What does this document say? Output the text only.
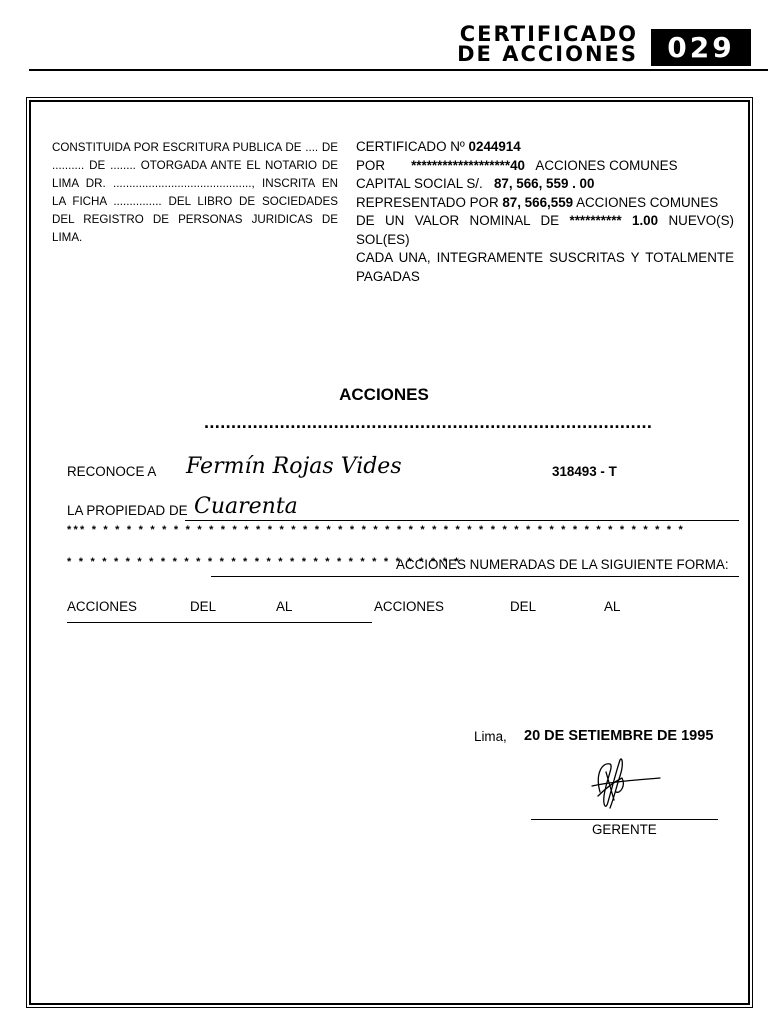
CERTIFICADO
DE ACCIONES	029
CONSTITUIDA POR ESCRITURA PUBLICA DE .... DE .......... DE ........ OTORGADA ANTE EL NOTARIO DE LIMA DR. ..........................................., INSCRITA EN LA FICHA ............... DEL LIBRO DE SOCIEDADES DEL REGISTRO DE PERSONAS JURIDICAS DE LIMA.
CERTIFICADO Nº 0244914
POR *******************40 ACCIONES COMUNES
CAPITAL SOCIAL S/. 87, 566, 559 . 00
REPRESENTADO POR 87, 566,559 ACCIONES COMUNES
DE UN VALOR NOMINAL DE ********** 1.00 NUEVO(S)
SOL(ES)
CADA UNA, INTEGRAMENTE SUSCRITAS Y TOTALMENTE
PAGADAS
ACCIONES
...................................................................................
RECONOCE A Fermín Rojas Vides	318493 - T
LA PROPIEDAD DE Cuarenta
*** * * * * * * * * * * * * * * * * * * * * * * * * * * * * * * * * * * * * * * * * * * * * * * * * * * *
* * * * * * * * * * * * * * * * * * * * * * * * * * * * * * * * * *
ACCIONES NUMERADAS DE LA SIGUIENTE FORMA:
ACCIONES	DEL	AL	ACCIONES	DEL	AL
Lima, 20 DE SETIEMBRE DE 1995
GERENTE
